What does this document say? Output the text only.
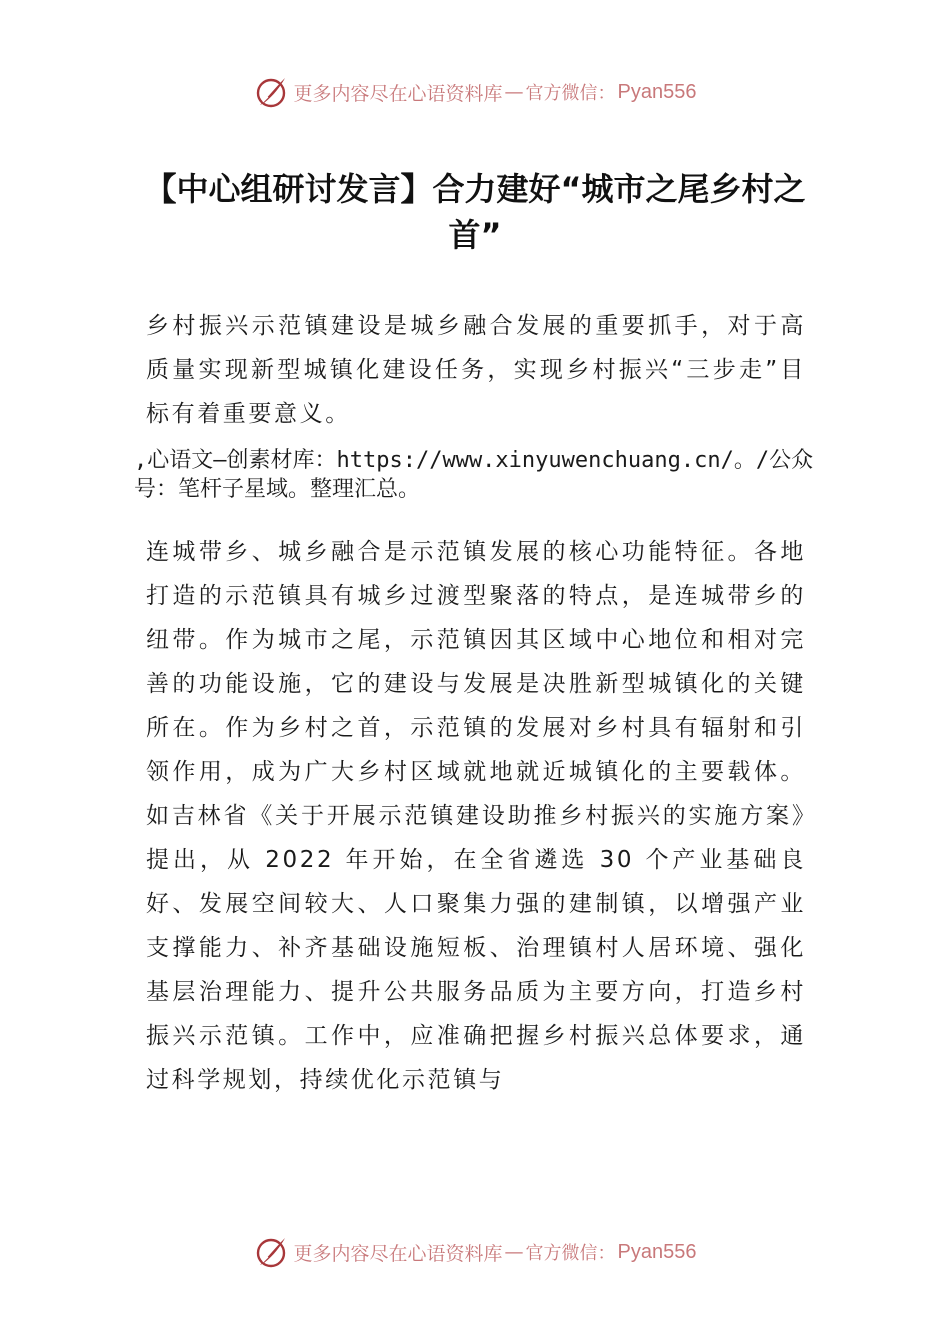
更多内容尽在心语资料库 — 官方微信： Pyan556
【中心组研讨发言】合力建好“城市之尾乡村之首”
乡村振兴示范镇建设是城乡融合发展的重要抓手，对于高质量实现新型城镇化建设任务，实现乡村振兴“三步走”目标有着重要意义。
,心语文—创素材库：https://www.xinyuwenchuang.cn/。/公众号：笔杆子星域。整理汇总。
连城带乡、城乡融合是示范镇发展的核心功能特征。各地打造的示范镇具有城乡过渡型聚落的特点，是连城带乡的纽带。作为城市之尾，示范镇因其区域中心地位和相对完善的功能设施，它的建设与发展是决胜新型城镇化的关键所在。作为乡村之首，示范镇的发展对乡村具有辐射和引领作用，成为广大乡村区域就地就近城镇化的主要载体。如吉林省《关于开展示范镇建设助推乡村振兴的实施方案》提出，从 2022 年开始，在全省遴选 30 个产业基础良好、发展空间较大、人口聚集力强的建制镇，以增强产业支撑能力、补齐基础设施短板、治理镇村人居环境、强化基层治理能力、提升公共服务品质为主要方向，打造乡村振兴示范镇。工作中，应准确把握乡村振兴总体要求，通过科学规划，持续优化示范镇与
更多内容尽在心语资料库 — 官方微信： Pyan556
